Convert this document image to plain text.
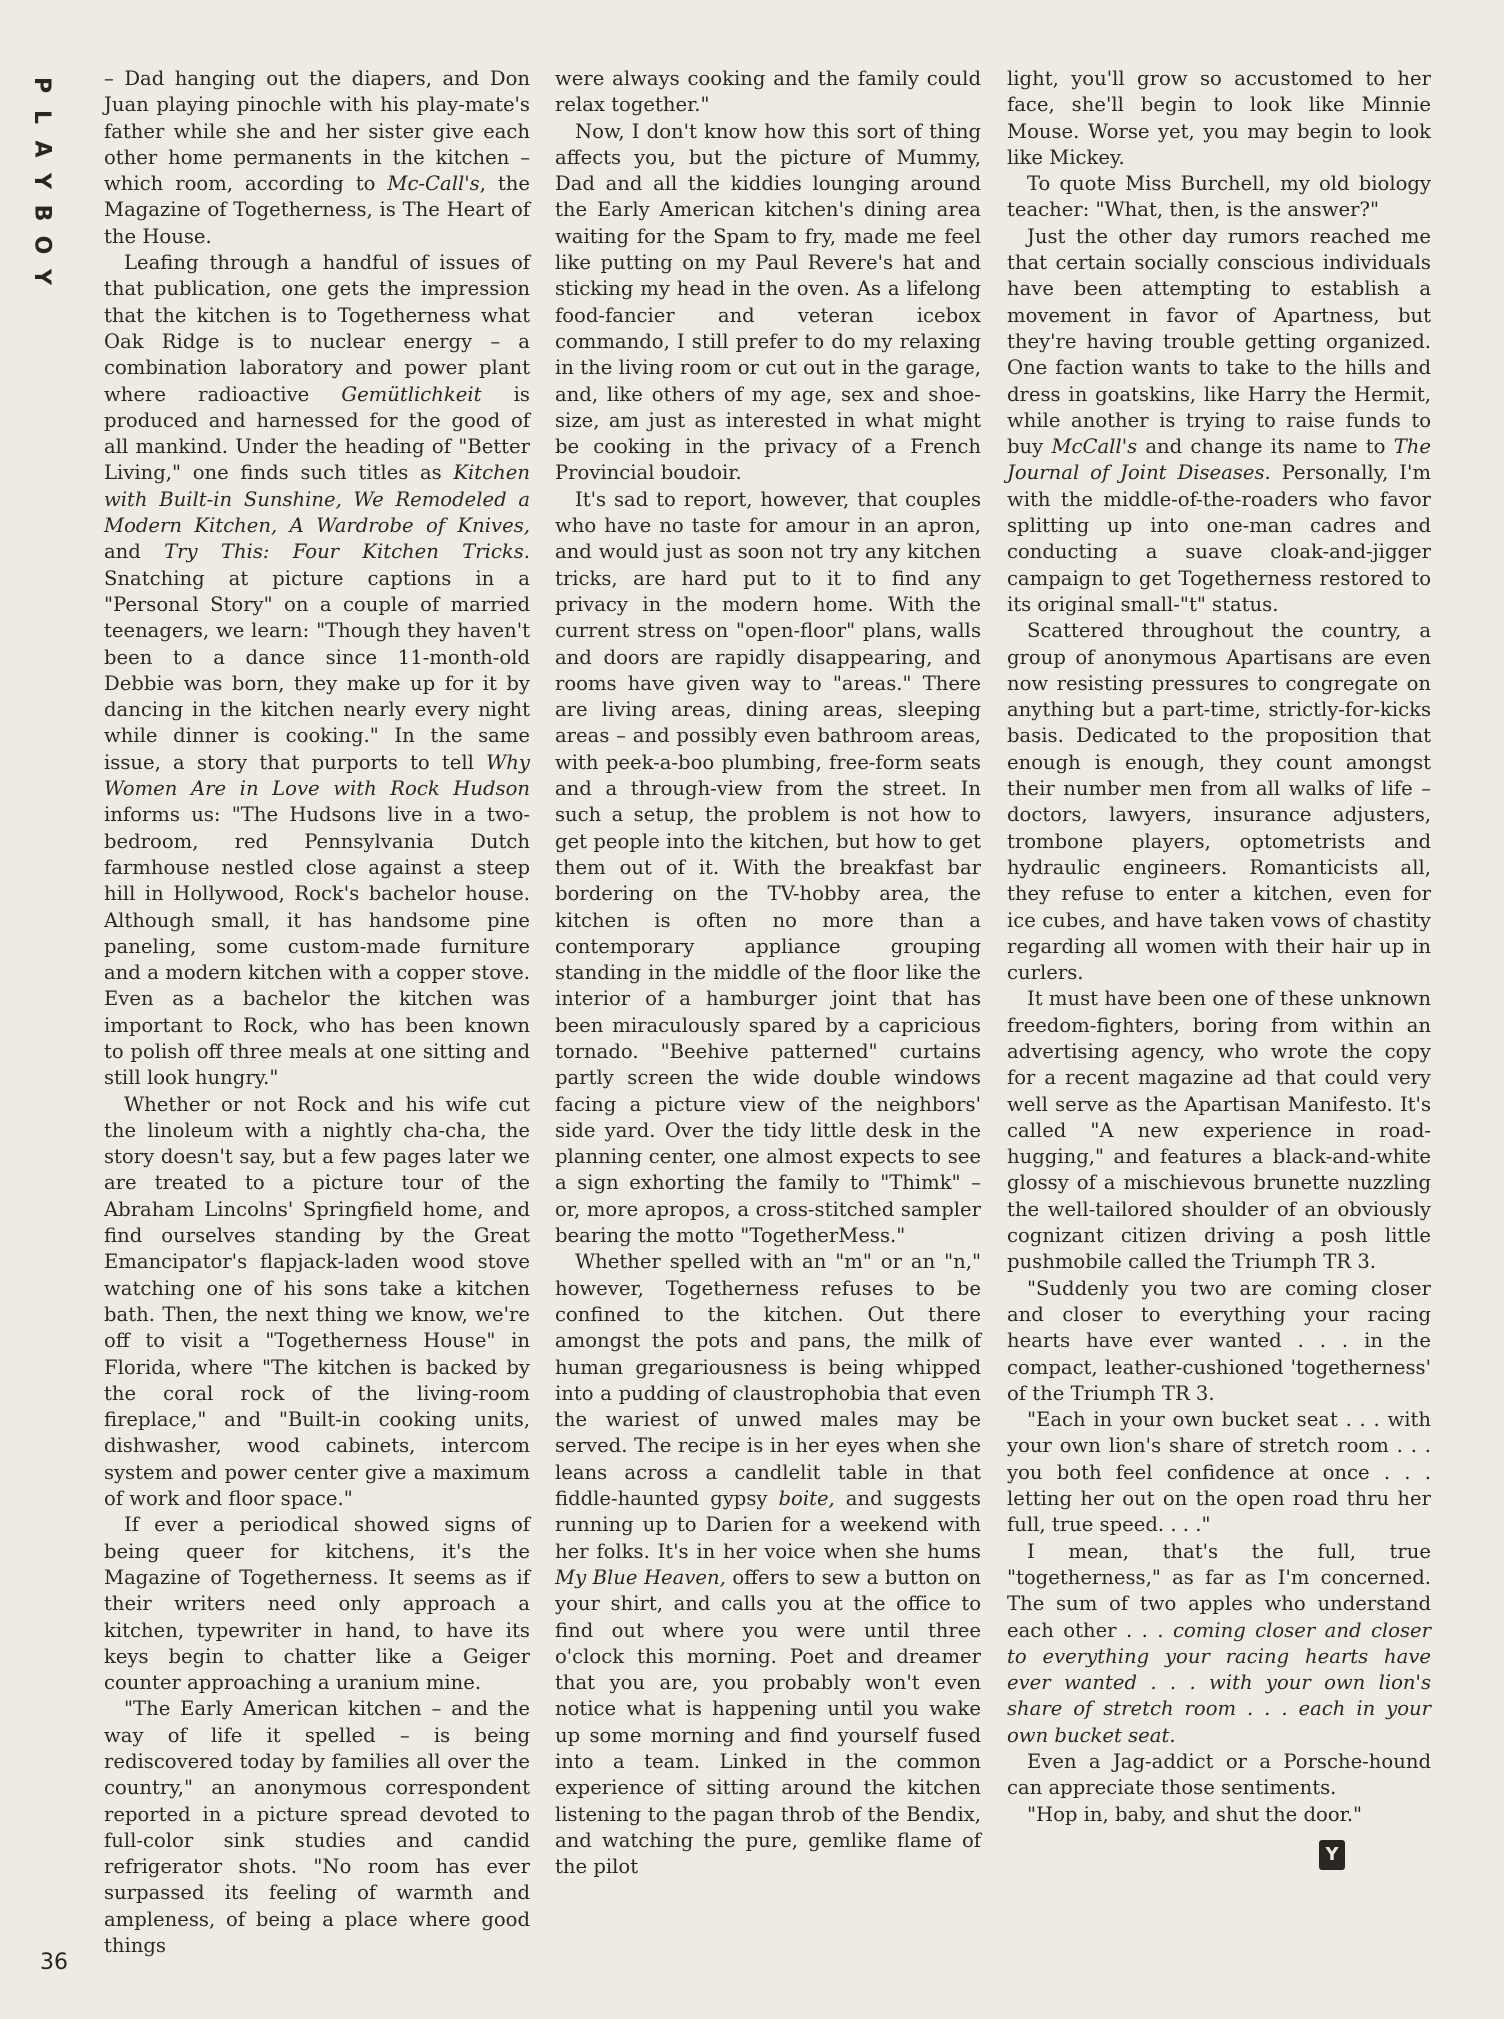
P
L
A
Y
B
O
Y
36

– Dad hanging out the diapers, and Don Juan playing pinochle with his play-mate's father while she and her sister give each other home permanents in the kitchen – which room, according to Mc-Call's, the Magazine of Togetherness, is The Heart of the House.

Leafing through a handful of issues of that publication, one gets the impression that the kitchen is to Togetherness what Oak Ridge is to nuclear energy – a combination laboratory and power plant where radioactive Gemütlichkeit is produced and harnessed for the good of all mankind. Under the heading of "Better Living," one finds such titles as Kitchen with Built-in Sunshine, We Remodeled a Modern Kitchen, A Wardrobe of Knives, and Try This: Four Kitchen Tricks. Snatching at picture captions in a "Personal Story" on a couple of married teenagers, we learn: "Though they haven't been to a dance since 11-month-old Debbie was born, they make up for it by dancing in the kitchen nearly every night while dinner is cooking." In the same issue, a story that purports to tell Why Women Are in Love with Rock Hudson informs us: "The Hudsons live in a two-bedroom, red Pennsylvania Dutch farmhouse nestled close against a steep hill in Hollywood, Rock's bachelor house. Although small, it has handsome pine paneling, some custom-made furniture and a modern kitchen with a copper stove. Even as a bachelor the kitchen was important to Rock, who has been known to polish off three meals at one sitting and still look hungry."

Whether or not Rock and his wife cut the linoleum with a nightly cha-cha, the story doesn't say, but a few pages later we are treated to a picture tour of the Abraham Lincolns' Springfield home, and find ourselves standing by the Great Emancipator's flapjack-laden wood stove watching one of his sons take a kitchen bath. Then, the next thing we know, we're off to visit a "Togetherness House" in Florida, where "The kitchen is backed by the coral rock of the living-room fireplace," and "Built-in cooking units, dishwasher, wood cabinets, intercom system and power center give a maximum of work and floor space."

If ever a periodical showed signs of being queer for kitchens, it's the Magazine of Togetherness. It seems as if their writers need only approach a kitchen, typewriter in hand, to have its keys begin to chatter like a Geiger counter approaching a uranium mine.

"The Early American kitchen – and the way of life it spelled – is being rediscovered today by families all over the country," an anonymous correspondent reported in a picture spread devoted to full-color sink studies and candid refrigerator shots. "No room has ever surpassed its feeling of warmth and ampleness, of being a place where good things

were always cooking and the family could relax together."

Now, I don't know how this sort of thing affects you, but the picture of Mummy, Dad and all the kiddies lounging around the Early American kitchen's dining area waiting for the Spam to fry, made me feel like putting on my Paul Revere's hat and sticking my head in the oven. As a lifelong food-fancier and veteran icebox commando, I still prefer to do my relaxing in the living room or cut out in the garage, and, like others of my age, sex and shoe-size, am just as interested in what might be cooking in the privacy of a French Provincial boudoir.

It's sad to report, however, that couples who have no taste for amour in an apron, and would just as soon not try any kitchen tricks, are hard put to it to find any privacy in the modern home. With the current stress on "open-floor" plans, walls and doors are rapidly disappearing, and rooms have given way to "areas." There are living areas, dining areas, sleeping areas – and possibly even bathroom areas, with peek-a-boo plumbing, free-form seats and a through-view from the street. In such a setup, the problem is not how to get people into the kitchen, but how to get them out of it. With the breakfast bar bordering on the TV-hobby area, the kitchen is often no more than a contemporary appliance grouping standing in the middle of the floor like the interior of a hamburger joint that has been miraculously spared by a capricious tornado. "Beehive patterned" curtains partly screen the wide double windows facing a picture view of the neighbors' side yard. Over the tidy little desk in the planning center, one almost expects to see a sign exhorting the family to "Thimk" – or, more apropos, a cross-stitched sampler bearing the motto "TogetherMess."

Whether spelled with an "m" or an "n," however, Togetherness refuses to be confined to the kitchen. Out there amongst the pots and pans, the milk of human gregariousness is being whipped into a pudding of claustrophobia that even the wariest of unwed males may be served. The recipe is in her eyes when she leans across a candlelit table in that fiddle-haunted gypsy boite, and suggests running up to Darien for a weekend with her folks. It's in her voice when she hums My Blue Heaven, offers to sew a button on your shirt, and calls you at the office to find out where you were until three o'clock this morning. Poet and dreamer that you are, you probably won't even notice what is happening until you wake up some morning and find yourself fused into a team. Linked in the common experience of sitting around the kitchen listening to the pagan throb of the Bendix, and watching the pure, gemlike flame of the pilot

light, you'll grow so accustomed to her face, she'll begin to look like Minnie Mouse. Worse yet, you may begin to look like Mickey.

To quote Miss Burchell, my old biology teacher: "What, then, is the answer?"

Just the other day rumors reached me that certain socially conscious individuals have been attempting to establish a movement in favor of Apartness, but they're having trouble getting organized. One faction wants to take to the hills and dress in goatskins, like Harry the Hermit, while another is trying to raise funds to buy McCall's and change its name to The Journal of Joint Diseases. Personally, I'm with the middle-of-the-roaders who favor splitting up into one-man cadres and conducting a suave cloak-and-jigger campaign to get Togetherness restored to its original small-"t" status.

Scattered throughout the country, a group of anonymous Apartisans are even now resisting pressures to congregate on anything but a part-time, strictly-for-kicks basis. Dedicated to the proposition that enough is enough, they count amongst their number men from all walks of life – doctors, lawyers, insurance adjusters, trombone players, optometrists and hydraulic engineers. Romanticists all, they refuse to enter a kitchen, even for ice cubes, and have taken vows of chastity regarding all women with their hair up in curlers.

It must have been one of these unknown freedom-fighters, boring from within an advertising agency, who wrote the copy for a recent magazine ad that could very well serve as the Apartisan Manifesto. It's called "A new experience in road-hugging," and features a black-and-white glossy of a mischievous brunette nuzzling the well-tailored shoulder of an obviously cognizant citizen driving a posh little pushmobile called the Triumph TR 3.

"Suddenly you two are coming closer and closer to everything your racing hearts have ever wanted . . . in the compact, leather-cushioned 'togetherness' of the Triumph TR 3.

"Each in your own bucket seat . . . with your own lion's share of stretch room . . . you both feel confidence at once . . . letting her out on the open road thru her full, true speed. . . ."

I mean, that's the full, true "togetherness," as far as I'm concerned. The sum of two apples who understand each other . . . coming closer and closer to everything your racing hearts have ever wanted . . . with your own lion's share of stretch room . . . each in your own bucket seat.

Even a Jag-addict or a Porsche-hound can appreciate those sentiments.

"Hop in, baby, and shut the door."

Y
